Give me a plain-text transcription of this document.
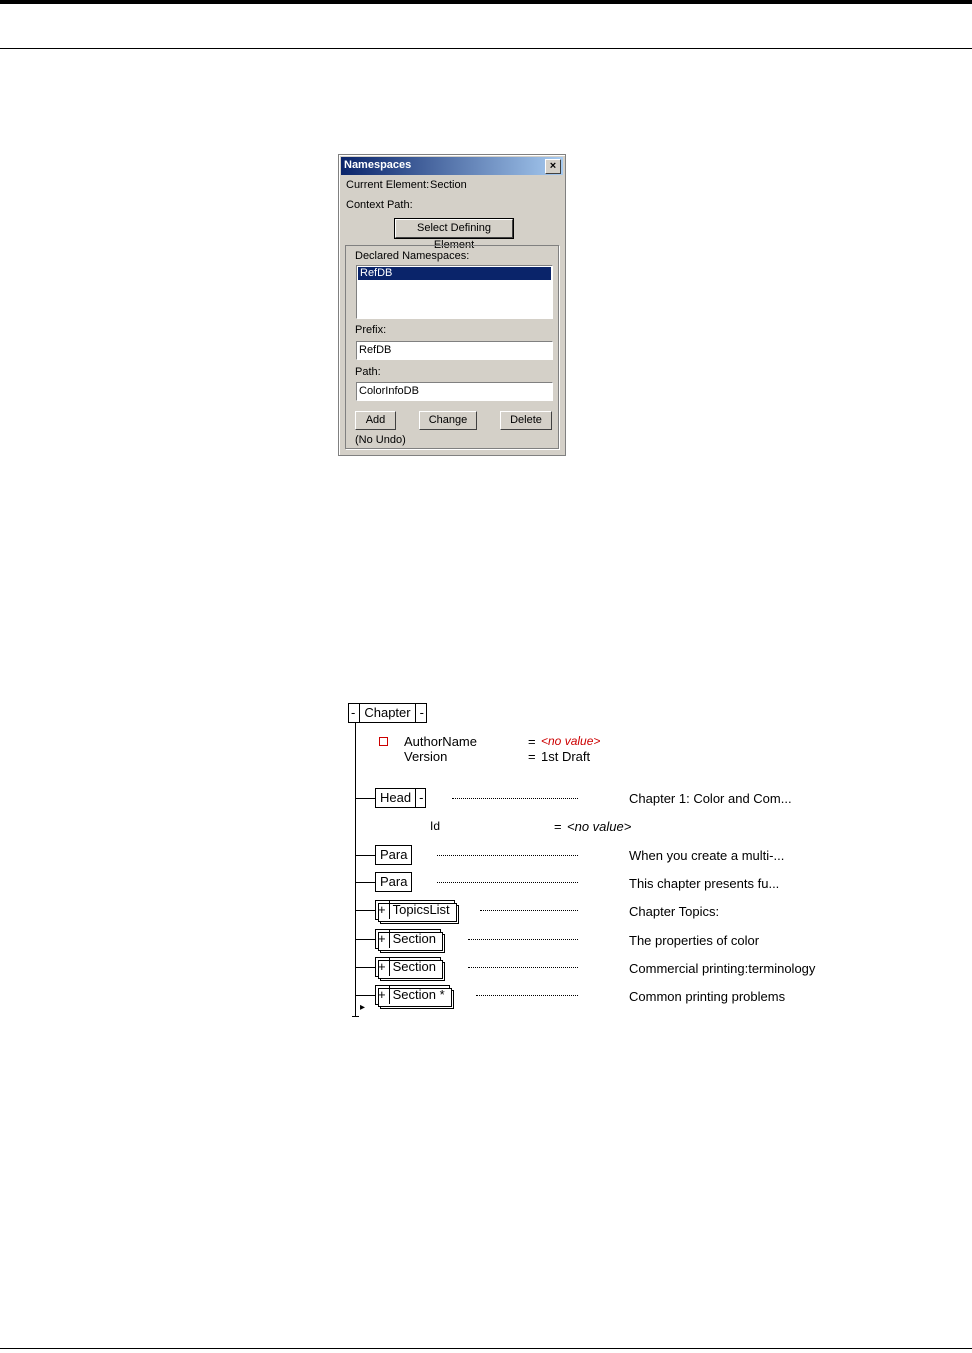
Namespaces	×
Current Element: Section
Context Path:
Select Defining Element
Declared Namespaces:
RefDB
Prefix:
RefDB
Path:
ColorInfoDB
Add	Change	Delete
(No Undo)
▸
- Chapter -
AuthorName	= <no value>
Version	= 1st Draft
Head -	Chapter 1: Color and Com...
Id	= <no value>
Para	When you create a multi-...
Para	This chapter presents fu...
+ TopicsList	Chapter Topics:
+ Section	The properties of color
+ Section	Commercial printing:terminology
+ Section *	Common printing problems
